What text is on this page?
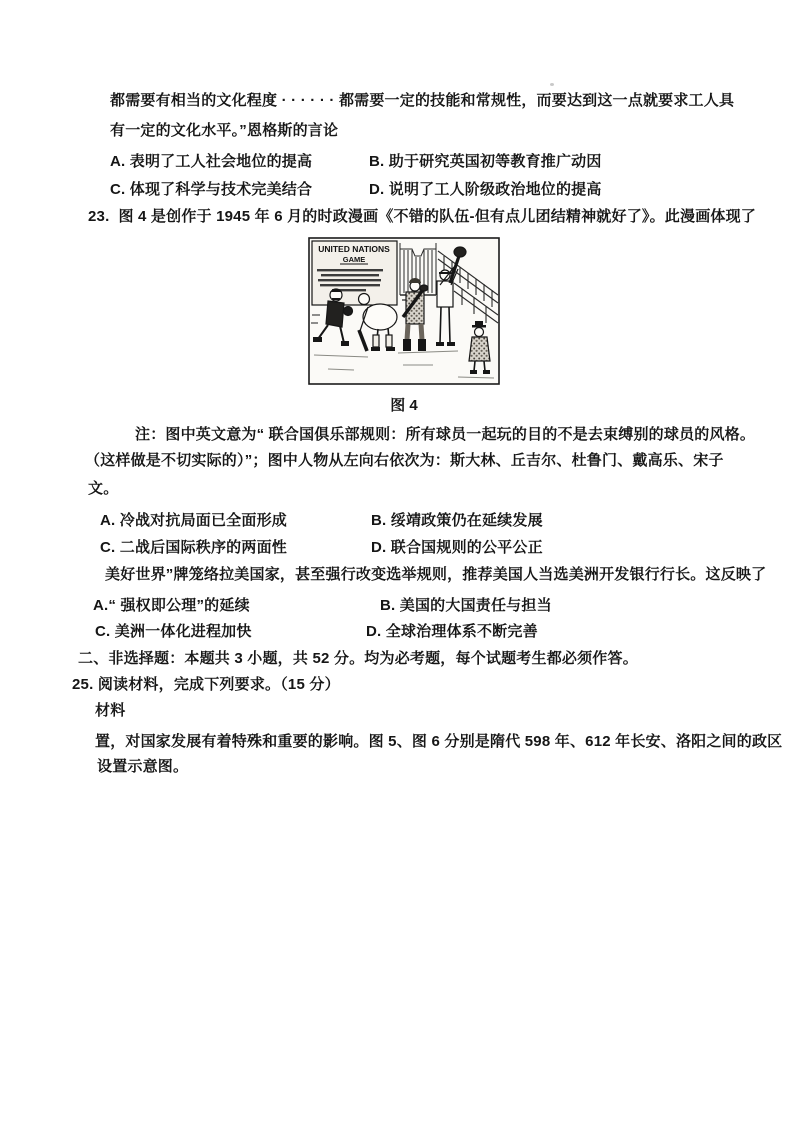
都需要有相当的文化程度 · · · · · · 都需要一定的技能和常规性，而要达到这一点就要求工人具
有一定的文化水平。”恩格斯的言论
A. 表明了工人社会地位的提高	B. 助于研究英国初等教育推广动因
C. 体现了科学与技术完美结合	D. 说明了工人阶级政治地位的提高
23. 图 4 是创作于 1945 年 6 月的时政漫画《不错的队伍-但有点儿团结精神就好了》。此漫画体现了
UNITED NATIONS
GAME
图 4
注：图中英文意为“ 联合国俱乐部规则：所有球员一起玩的目的不是去束缚别的球员的风格。
（这样做是不切实际的）”；图中人物从左向右依次为：斯大林、丘吉尔、杜鲁门、戴高乐、宋子
文。
A. 冷战对抗局面已全面形成	B. 绥靖政策仍在延续发展
C. 二战后国际秩序的两面性	D. 联合国规则的公平公正
美好世界”牌笼络拉美国家，甚至强行改变选举规则，推荐美国人当选美洲开发银行行长。这反映了
A.“ 强权即公理”的延续	B. 美国的大国责任与担当
C. 美洲一体化进程加快	D. 全球治理体系不断完善
二、非选择题：本题共 3 小题，共 52 分。均为必考题，每个试题考生都必须作答。
25. 阅读材料，完成下列要求。（15 分）
材料
置，对国家发展有着特殊和重要的影响。图 5、图 6 分别是隋代 598 年、612 年长安、洛阳之间的政区
设置示意图。
